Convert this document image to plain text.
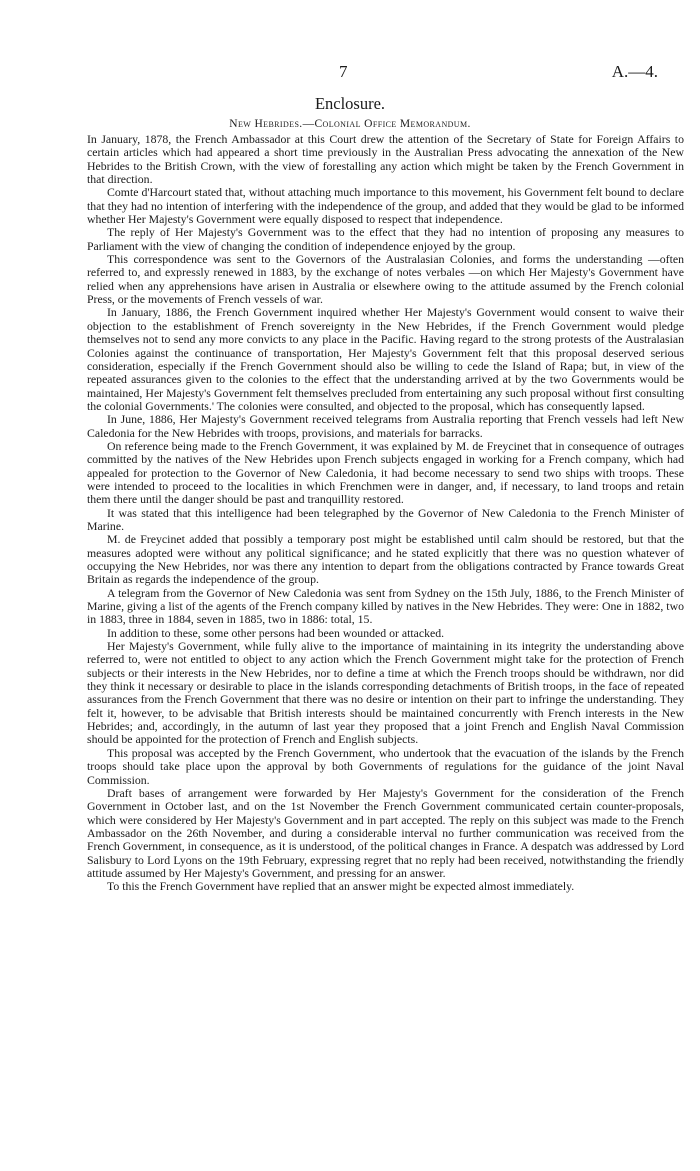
7	A.—4.
Enclosure.
New Hebrides.—Colonial Office Memorandum.

In January, 1878, the French Ambassador at this Court drew the attention of the Secretary of State for Foreign Affairs to certain articles which had appeared a short time previously in the Australian Press advocating the annexation of the New Hebrides to the British Crown, with the view of forestalling any action which might be taken by the French Government in that direction.

Comte d'Harcourt stated that, without attaching much importance to this movement, his Government felt bound to declare that they had no intention of interfering with the independence of the group, and added that they would be glad to be informed whether Her Majesty's Government were equally disposed to respect that independence.

The reply of Her Majesty's Government was to the effect that they had no intention of proposing any measures to Parliament with the view of changing the condition of independence enjoyed by the group.

This correspondence was sent to the Governors of the Australasian Colonies, and forms the understanding —often referred to, and expressly renewed in 1883, by the exchange of notes verbales —on which Her Majesty's Government have relied when any apprehensions have arisen in Australia or elsewhere owing to the attitude assumed by the French colonial Press, or the movements of French vessels of war.

In January, 1886, the French Government inquired whether Her Majesty's Government would consent to waive their objection to the establishment of French sovereignty in the New Hebrides, if the French Government would pledge themselves not to send any more convicts to any place in the Pacific. Having regard to the strong protests of the Australasian Colonies against the continuance of transportation, Her Majesty's Government felt that this proposal deserved serious consideration, especially if the French Government should also be willing to cede the Island of Rapa; but, in view of the repeated assurances given to the colonies to the effect that the understanding arrived at by the two Governments would be maintained, Her Majesty's Government felt themselves precluded from entertaining any such proposal without first consulting the colonial Governments.' The colonies were consulted, and objected to the proposal, which has consequently lapsed.

In June, 1886, Her Majesty's Government received telegrams from Australia reporting that French vessels had left New Caledonia for the New Hebrides with troops, provisions, and materials for barracks.

On reference being made to the French Government, it was explained by M. de Freycinet that in consequence of outrages committed by the natives of the New Hebrides upon French subjects engaged in working for a French company, which had appealed for protection to the Governor of New Caledonia, it had become necessary to send two ships with troops. These were intended to proceed to the localities in which Frenchmen were in danger, and, if necessary, to land troops and retain them there until the danger should be past and tranquillity restored.

It was stated that this intelligence had been telegraphed by the Governor of New Caledonia to the French Minister of Marine.

M. de Freycinet added that possibly a temporary post might be established until calm should be restored, but that the measures adopted were without any political significance; and he stated explicitly that there was no question whatever of occupying the New Hebrides, nor was there any intention to depart from the obligations contracted by France towards Great Britain as regards the independence of the group.

A telegram from the Governor of New Caledonia was sent from Sydney on the 15th July, 1886, to the French Minister of Marine, giving a list of the agents of the French company killed by natives in the New Hebrides. They were: One in 1882, two in 1883, three in 1884, seven in 1885, two in 1886: total, 15.

In addition to these, some other persons had been wounded or attacked.

Her Majesty's Government, while fully alive to the importance of maintaining in its integrity the understanding above referred to, were not entitled to object to any action which the French Government might take for the protection of French subjects or their interests in the New Hebrides, nor to define a time at which the French troops should be withdrawn, nor did they think it necessary or desirable to place in the islands corresponding detachments of British troops, in the face of repeated assurances from the French Government that there was no desire or intention on their part to infringe the understanding. They felt it, however, to be advisable that British interests should be maintained concurrently with French interests in the New Hebrides; and, accordingly, in the autumn of last year they proposed that a joint French and English Naval Commission should be appointed for the protection of French and English subjects.

This proposal was accepted by the French Government, who undertook that the evacuation of the islands by the French troops should take place upon the approval by both Governments of regulations for the guidance of the joint Naval Commission.

Draft bases of arrangement were forwarded by Her Majesty's Government for the consideration of the French Government in October last, and on the 1st November the French Government communicated certain counter-proposals, which were considered by Her Majesty's Government and in part accepted. The reply on this subject was made to the French Ambassador on the 26th November, and during a considerable interval no further communication was received from the French Government, in consequence, as it is understood, of the political changes in France. A despatch was addressed by Lord Salisbury to Lord Lyons on the 19th February, expressing regret that no reply had been received, notwithstanding the friendly attitude assumed by Her Majesty's Government, and pressing for an answer.

To this the French Government have replied that an answer might be expected almost immediately.
